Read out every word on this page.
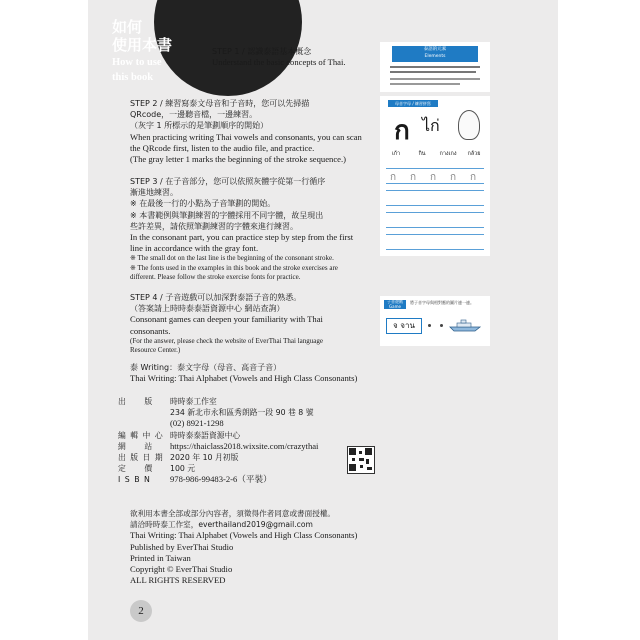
如何
使用本書
How to use
this book
STEP 1 / 認識泰語基本概念
Understand the basic concepts of Thai.
STEP 2 / 練習寫泰文母音和子音時，您可以先掃描
QRcode，一邊聽音檔，一邊練習。
（灰字 1 所標示的是筆劃順序的開始）
When practicing writing Thai vowels and consonants, you can scan
the QRcode first, listen to the audio file, and practice.
(The gray letter 1 marks the beginning of the stroke sequence.)
STEP 3 / 在子音部分，您可以依照灰體字從第一行循序
漸進地練習。
※ 在最後一行的小點為子音筆劃的開始。
※ 本書範例與筆劃練習的字體採用不同字體，故呈現出
些許差異，請依照筆劃練習的字體來進行練習。
In the consonant part, you can practice step by step from the first
line in accordance with the gray font.
※ The small dot on the last line is the beginning of the consonant stroke.
※ The fonts used in the examples in this book and the stroke exercises are
different. Please follow the stroke exercise fonts for practice.
STEP 4 / 子音遊戲可以加深對泰語子音的熟悉。
（答案請上時時泰泰語資源中心 網站查詢）
Consonant games can deepen your familiarity with Thai
consonants.
(For the answer, please check the website of EverThai Thai language
Resource Center.)
泰 Writing：泰文字母（母音、高音子音）
Thai Writing: Thai Alphabet (Vowels and High Class Consonants)
出　　版	時時泰工作室
234 新北市永和區秀朗路一段 90 巷 8 號
(02) 8921-1298
編 輯 中 心 時時泰泰語資源中心
網　　站	https://thaiclass2018.wixsite.com/crazythai
出 版 日 期 2020 年 10 月初版
定　　價	100 元
I S B N	978-986-99483-2-6（平裝）
欲利用本書全部或部分內容者，須徵得作者同意或書面授權。
請洽時時泰工作室，everthailand2019@gmail.com
Thai Writing: Thai Alphabet (Vowels and High Class Consonants)
Published by EverThai Studio
Printed in Taiwan
Copyright © EverThai Studio
ALL RIGHTS RESERVED
2
泰語的元素
Elements
母音字母 / 練習拼寫
ก ไก่
เก้า	กิน	กางเกง	กล้วย
ก ก ก ก ก
子音遊戲
Game
將子音字母與相對應的圖片連一連。
จ จาน
